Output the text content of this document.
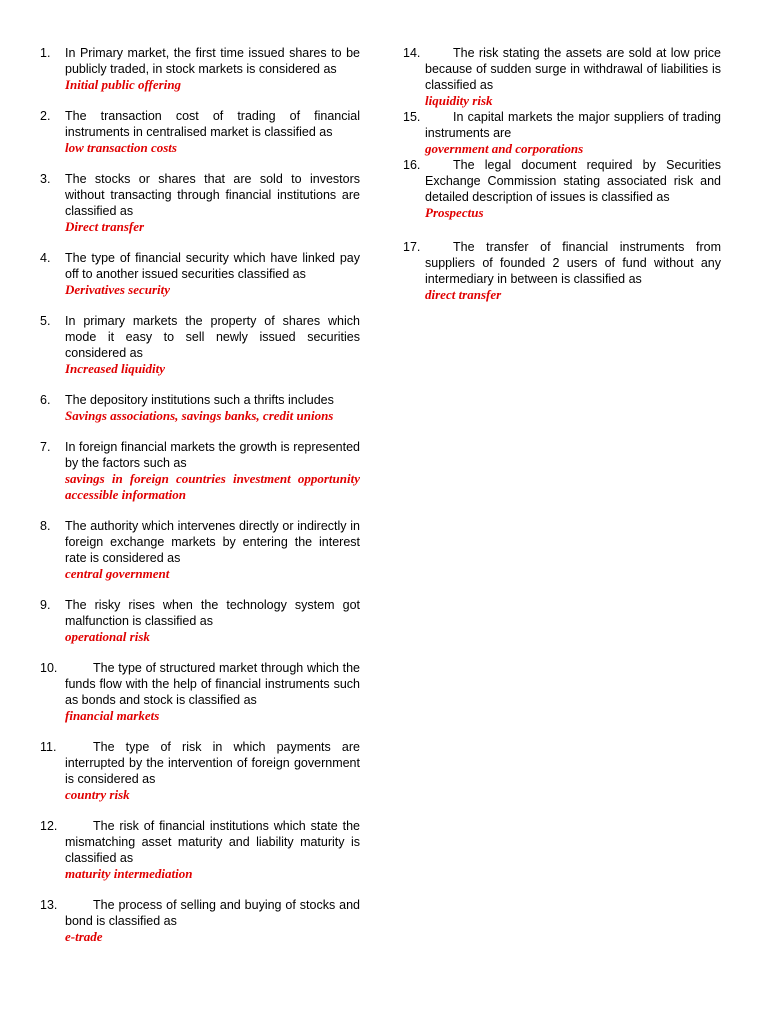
1. In Primary market, the first time issued shares to be publicly traded, in stock markets is considered as
Initial public offering
2. The transaction cost of trading of financial instruments in centralised market is classified as
low transaction costs
3. The stocks or shares that are sold to investors without transacting through financial institutions are classified as
Direct transfer
4. The type of financial security which have linked pay off to another issued securities classified as
Derivatives security
5. In primary markets the property of shares which mode it easy to sell newly issued securities considered as
Increased liquidity
6. The depository institutions such a thrifts includes
Savings associations, savings banks, credit unions
7. In foreign financial markets the growth is represented by the factors such as
savings in foreign countries investment opportunity accessible information
8. The authority which intervenes directly or indirectly in foreign exchange markets by entering the interest rate is considered as
central government
9. The risky rises when the technology system got malfunction is classified as
operational risk
10.	The type of structured market through which the funds flow with the help of financial instruments such as bonds and stock is classified as
financial markets
11.	The type of risk in which payments are interrupted by the intervention of foreign government is considered as
country risk
12.	The risk of financial institutions which state the mismatching asset maturity and liability maturity is classified as
maturity intermediation
13.	The process of selling and buying of stocks and bond is classified as
e-trade
14.	The risk stating the assets are sold at low price because of sudden surge in withdrawal of liabilities is classified as
liquidity risk
15.	In capital markets the major suppliers of trading instruments are
government and corporations
16.	The legal document required by Securities Exchange Commission stating associated risk and detailed description of issues is classified as
Prospectus
17.	The transfer of financial instruments from suppliers of founded 2 users of fund without any intermediary in between is classified as
direct transfer
